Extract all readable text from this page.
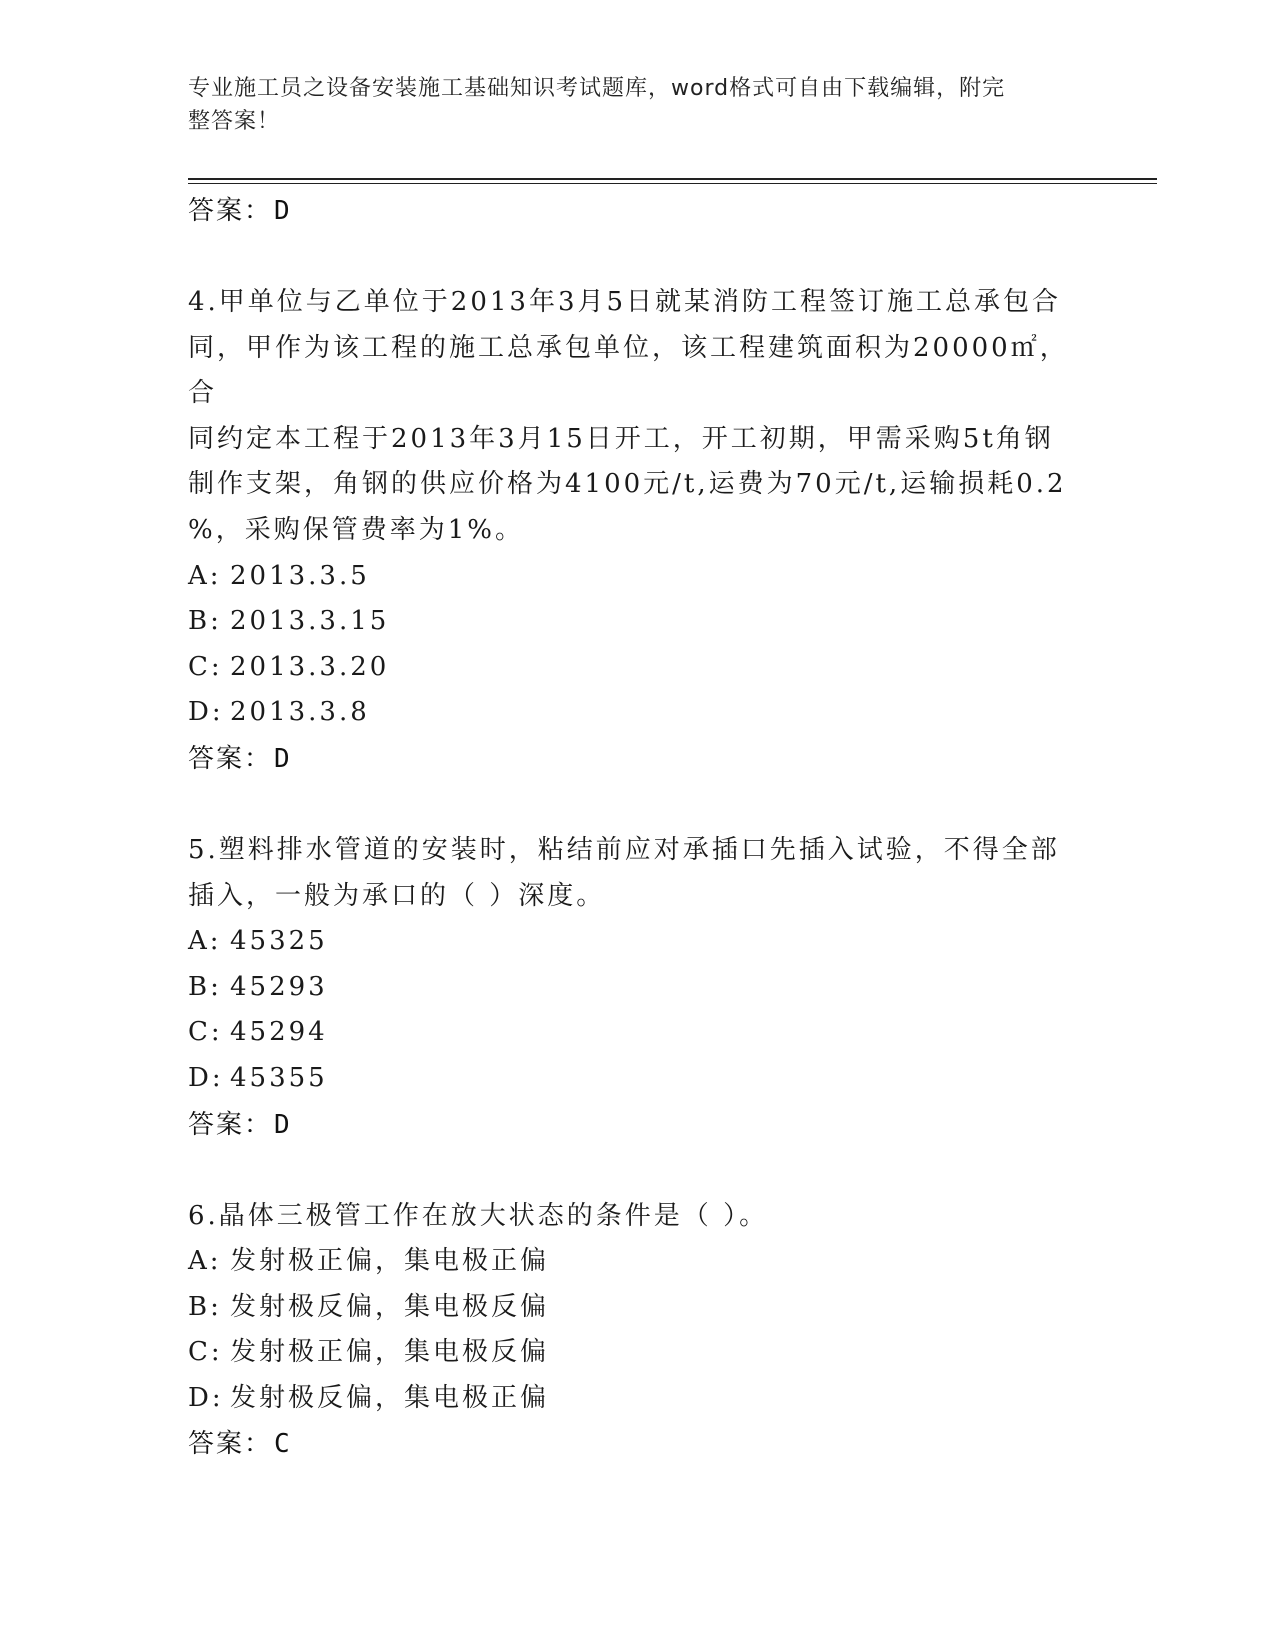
专业施工员之设备安装施工基础知识考试题库，word格式可自由下载编辑，附完
整答案！
答案：D
4.甲单位与乙单位于2013年3月5日就某消防工程签订施工总承包合
同，甲作为该工程的施工总承包单位，该工程建筑面积为20000㎡，合
同约定本工程于2013年3月15日开工，开工初期，甲需采购5t角钢
制作支架，角钢的供应价格为4100元/t,运费为70元/t,运输损耗0.2
%，采购保管费率为1%。
A: 2013.3.5
B: 2013.3.15
C: 2013.3.20
D: 2013.3.8
答案：D
5.塑料排水管道的安装时，粘结前应对承插口先插入试验，不得全部
插入，一般为承口的（ ）深度。
A: 45325
B: 45293
C: 45294
D: 45355
答案：D
6.晶体三极管工作在放大状态的条件是（ ）。
A: 发射极正偏，集电极正偏
B: 发射极反偏，集电极反偏
C: 发射极正偏，集电极反偏
D: 发射极反偏，集电极正偏
答案：C
